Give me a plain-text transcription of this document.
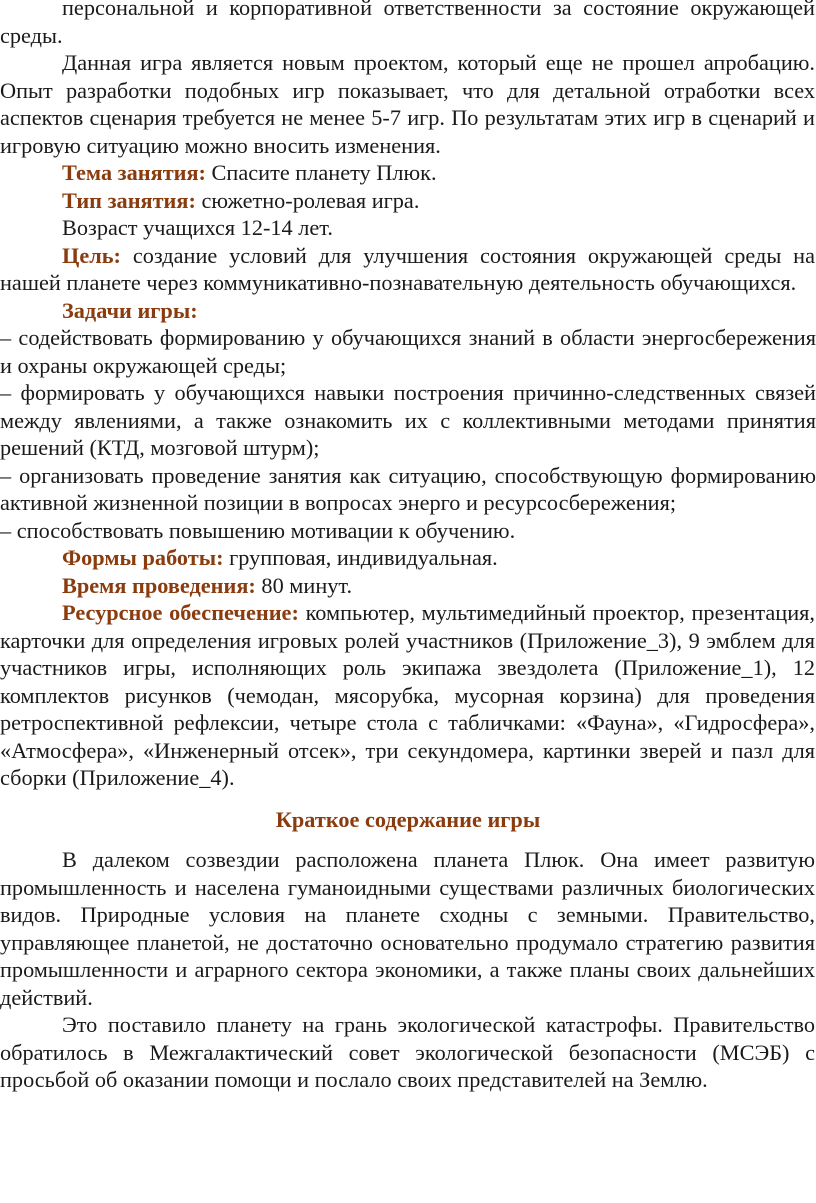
персональной и корпоративной ответственности за состояние окружающей среды.

Данная игра является новым проектом, который еще не прошел апробацию. Опыт разработки подобных игр показывает, что для детальной отработки всех аспектов сценария требуется не менее 5-7 игр. По результатам этих игр в сценарий и игровую ситуацию можно вносить изменения.

Тема занятия: Спасите планету Плюк.

Тип занятия: сюжетно-ролевая игра.

Возраст учащихся 12-14 лет.

Цель: создание условий для улучшения состояния окружающей среды на нашей планете через коммуникативно-познавательную деятельность обучающихся.

Задачи игры:

– содействовать формированию у обучающихся знаний в области энергосбережения и охраны окружающей среды;

– формировать у обучающихся навыки построения причинно-следственных связей между явлениями, а также ознакомить их с коллективными методами принятия решений (КТД, мозговой штурм);

– организовать проведение занятия как ситуацию, способствующую формированию активной жизненной позиции в вопросах энерго и ресурсосбережения;

– способствовать повышению мотивации к обучению.

Формы работы: групповая, индивидуальная.

Время проведения: 80 минут.

Ресурсное обеспечение: компьютер, мультимедийный проектор, презентация, карточки для определения игровых ролей участников (Приложение_3), 9 эмблем для участников игры, исполняющих роль экипажа звездолета (Приложение_1), 12 комплектов рисунков (чемодан, мясорубка, мусорная корзина) для проведения ретроспективной рефлексии, четыре стола с табличками: «Фауна», «Гидросфера», «Атмосфера», «Инженерный отсек», три секундомера, картинки зверей и пазл для сборки (Приложение_4).

Краткое содержание игры

В далеком созвездии расположена планета Плюк. Она имеет развитую промышленность и населена гуманоидными существами различных биологических видов. Природные условия на планете сходны с земными. Правительство, управляющее планетой, не достаточно основательно продумало стратегию развития промышленности и аграрного сектора экономики, а также планы своих дальнейших действий.

Это поставило планету на грань экологической катастрофы. Правительство обратилось в Межгалактический совет экологической безопасности (МСЭБ) с просьбой об оказании помощи и послало своих представителей на Землю.
